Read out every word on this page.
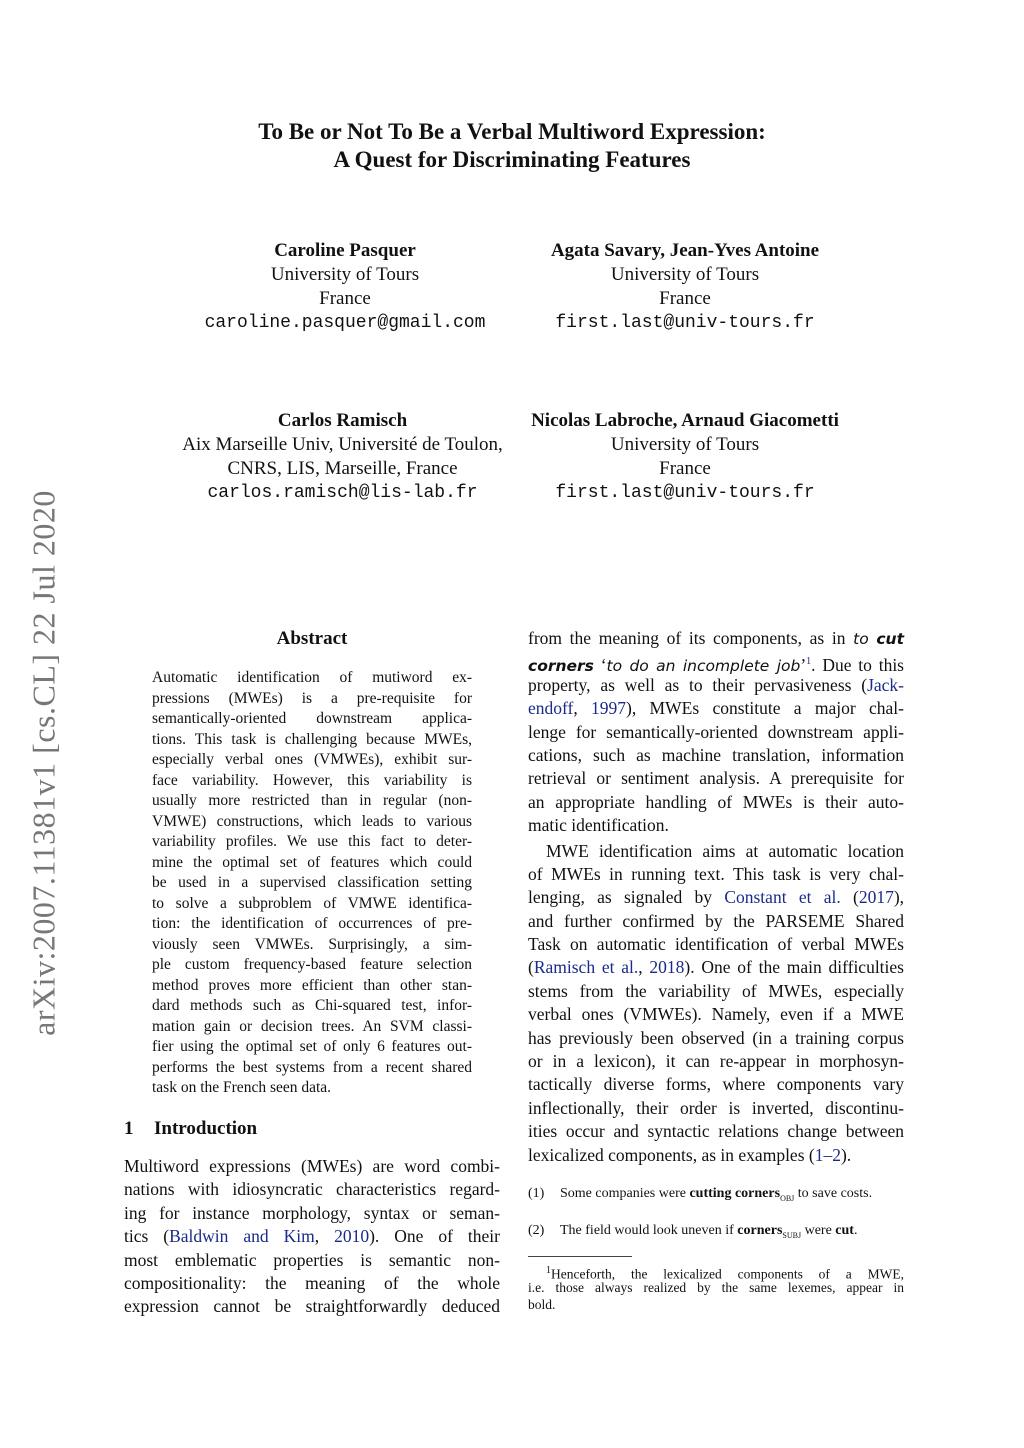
To Be or Not To Be a Verbal Multiword Expression:
A Quest for Discriminating Features
Caroline Pasquer
University of Tours
France
caroline.pasquer@gmail.com
Agata Savary, Jean-Yves Antoine
University of Tours
France
first.last@univ-tours.fr
Carlos Ramisch
Aix Marseille Univ, Université de Toulon,
CNRS, LIS, Marseille, France
carlos.ramisch@lis-lab.fr
Nicolas Labroche, Arnaud Giacometti
University of Tours
France
first.last@univ-tours.fr
arXiv:2007.11381v1 [cs.CL] 22 Jul 2020	Abstract
Automatic identification of mutiword ex-
pressions (MWEs) is a pre-requisite for
semantically-oriented downstream applica-
tions. This task is challenging because MWEs,
especially verbal ones (VMWEs), exhibit sur-
face variability. However, this variability is
usually more restricted than in regular (non-
VMWE) constructions, which leads to various
variability profiles. We use this fact to deter-
mine the optimal set of features which could
be used in a supervised classification setting
to solve a subproblem of VMWE identifica-
tion: the identification of occurrences of pre-
viously seen VMWEs. Surprisingly, a sim-
ple custom frequency-based feature selection
method proves more efficient than other stan-
dard methods such as Chi-squared test, infor-
mation gain or decision trees. An SVM classi-
fier using the optimal set of only 6 features out-
performs the best systems from a recent shared
task on the French seen data.
1 Introduction
Multiword expressions (MWEs) are word combi-
nations with idiosyncratic characteristics regard-
ing for instance morphology, syntax or seman-
tics (Baldwin and Kim, 2010). One of their
most emblematic properties is semantic non-
compositionality: the meaning of the whole
expression cannot be straightforwardly deduced
from the meaning of its components, as in to cut
corners ‘to do an incomplete job’$^1$. Due to this
property, as well as to their pervasiveness (Jack-
endoff, 1997), MWEs constitute a major chal-
lenge for semantically-oriented downstream appli-
cations, such as machine translation, information
retrieval or sentiment analysis. A prerequisite for
an appropriate handling of MWEs is their auto-
matic identification.
MWE identification aims at automatic location
of MWEs in running text. This task is very chal-
lenging, as signaled by Constant et al. (2017),
and further confirmed by the PARSEME Shared
Task on automatic identification of verbal MWEs
(Ramisch et al., 2018). One of the main difficulties
stems from the variability of MWEs, especially
verbal ones (VMWEs). Namely, even if a MWE
has previously been observed (in a training corpus
or in a lexicon), it can re-appear in morphosyn-
tactically diverse forms, where components vary
inflectionally, their order is inverted, discontinu-
ities occur and syntactic relations change between
lexicalized components, as in examples (1–2).
(1) Some companies were cutting corners$_{OBJ}$ to save costs.
(2) The field would look uneven if corners$_{SUBJ}$ were cut.
$^1$Henceforth, the lexicalized components of a MWE,
i.e. those always realized by the same lexemes, appear in
bold.
